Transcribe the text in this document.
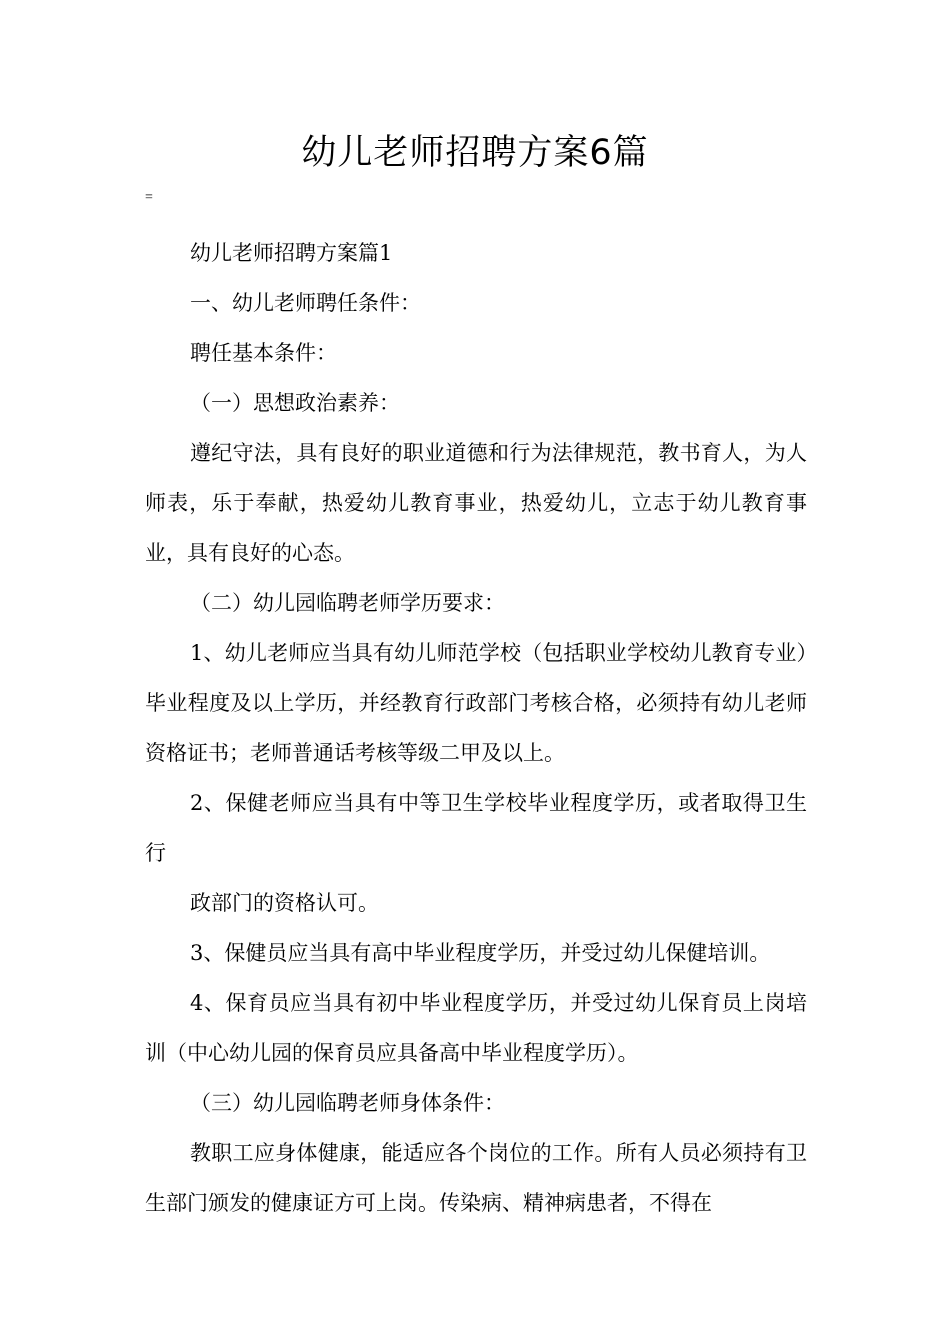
幼儿老师招聘方案6篇
=

幼儿老师招聘方案篇1

一、幼儿老师聘任条件：

聘任基本条件：

（一）思想政治素养：

遵纪守法，具有良好的职业道德和行为法律规范，教书育人，为人师表，乐于奉献，热爱幼儿教育事业，热爱幼儿，立志于幼儿教育事业，具有良好的心态。

（二）幼儿园临聘老师学历要求：

1、幼儿老师应当具有幼儿师范学校（包括职业学校幼儿教育专业）毕业程度及以上学历，并经教育行政部门考核合格，必须持有幼儿老师资格证书；老师普通话考核等级二甲及以上。

2、保健老师应当具有中等卫生学校毕业程度学历，或者取得卫生行

政部门的资格认可。

3、保健员应当具有高中毕业程度学历，并受过幼儿保健培训。

4、保育员应当具有初中毕业程度学历，并受过幼儿保育员上岗培训（中心幼儿园的保育员应具备高中毕业程度学历）。

（三）幼儿园临聘老师身体条件：

教职工应身体健康，能适应各个岗位的工作。所有人员必须持有卫生部门颁发的健康证方可上岗。传染病、精神病患者，不得在
